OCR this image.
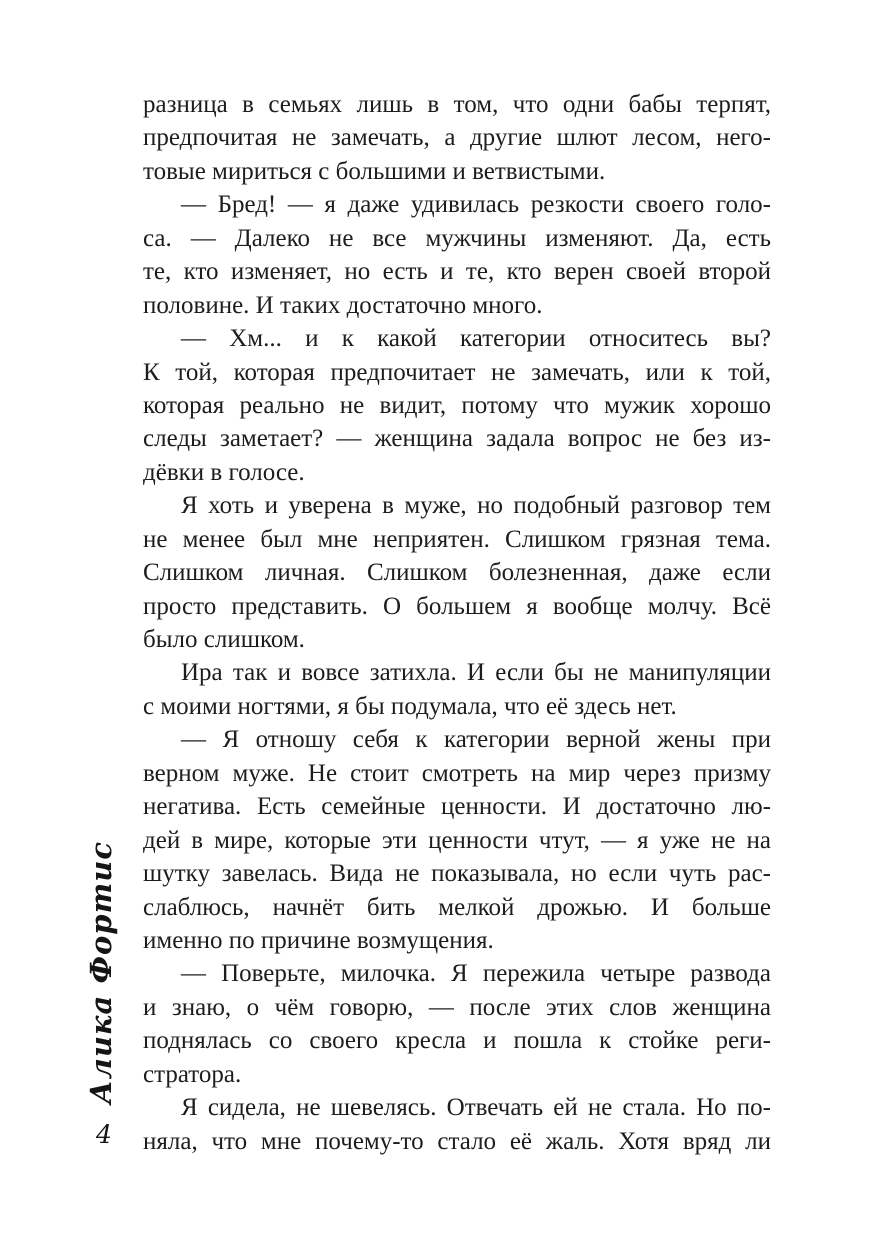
Алика Фортис
4
разница в семьях лишь в том, что одни бабы терпят,
предпочитая не замечать, а другие шлют лесом, него-
товые мириться с большими и ветвистыми.
— Бред! — я даже удивилась резкости своего голо-
са. — Далеко не все мужчины изменяют. Да, есть
те, кто изменяет, но есть и те, кто верен своей второй
половине. И таких достаточно много.
— Хм... и к какой категории относитесь вы?
К той, которая предпочитает не замечать, или к той,
которая реально не видит, потому что мужик хорошо
следы заметает? — женщина задала вопрос не без из-
дёвки в голосе.
Я хоть и уверена в муже, но подобный разговор тем
не менее был мне неприятен. Слишком грязная тема.
Слишком личная. Слишком болезненная, даже если
просто представить. О большем я вообще молчу. Всё
было слишком.
Ира так и вовсе затихла. И если бы не манипуляции
с моими ногтями, я бы подумала, что её здесь нет.
— Я отношу себя к категории верной жены при
верном муже. Не стоит смотреть на мир через призму
негатива. Есть семейные ценности. И достаточно лю-
дей в мире, которые эти ценности чтут, — я уже не на
шутку завелась. Вида не показывала, но если чуть рас-
слаблюсь, начнёт бить мелкой дрожью. И больше
именно по причине возмущения.
— Поверьте, милочка. Я пережила четыре развода
и знаю, о чём говорю, — после этих слов женщина
поднялась со своего кресла и пошла к стойке реги-
стратора.
Я сидела, не шевелясь. Отвечать ей не стала. Но по-
няла, что мне почему-то стало её жаль. Хотя вряд ли
